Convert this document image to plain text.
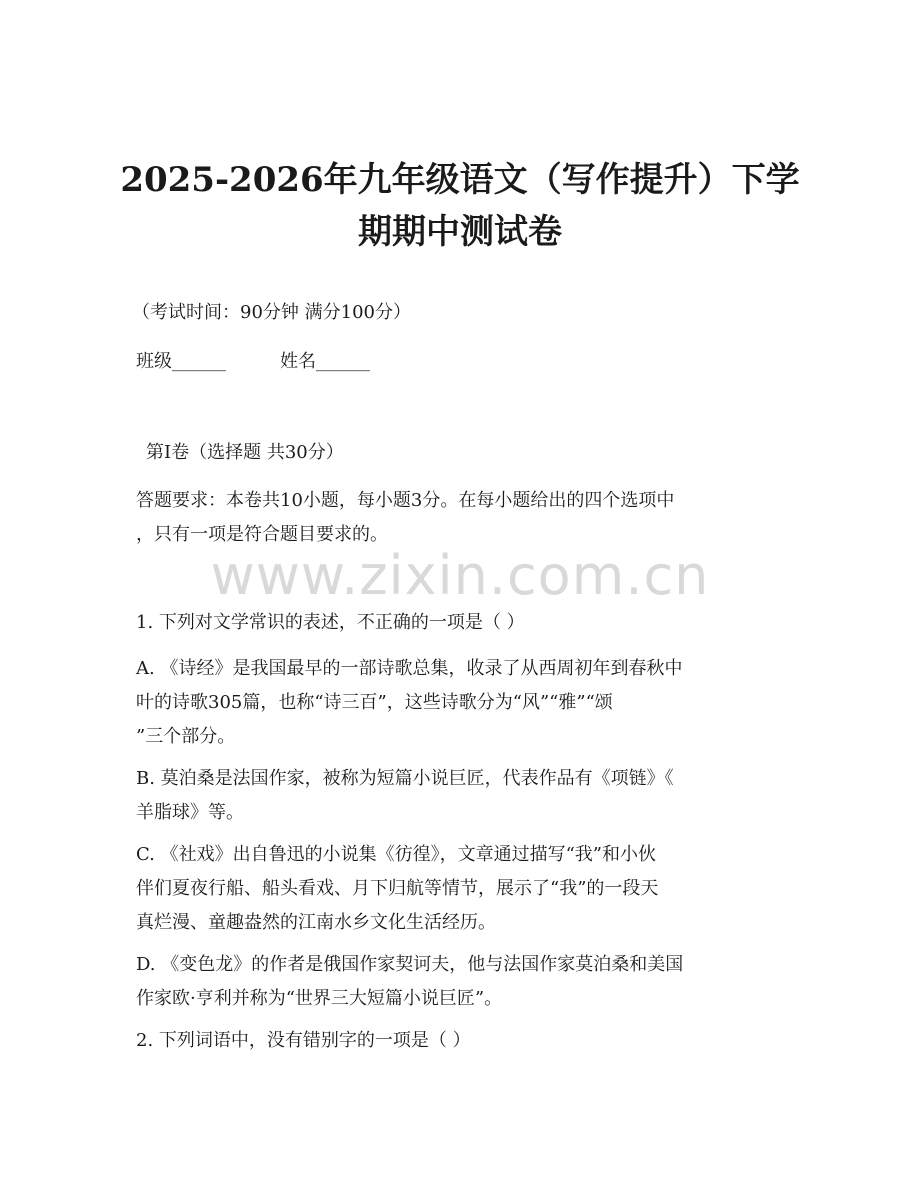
2025-2026年九年级语文（写作提升）下学
期期中测试卷
（考试时间：90分钟 满分100分）
班级______	姓名______
第I卷（选择题 共30分）
答题要求：本卷共10小题，每小题3分。在每小题给出的四个选项中
，只有一项是符合题目要求的。
www.zixin.com.cn
1. 下列对文学常识的表述，不正确的一项是（ ）
A. 《诗经》是我国最早的一部诗歌总集，收录了从西周初年到春秋中
叶的诗歌305篇，也称“诗三百”，这些诗歌分为“风”“雅”“颂
”三个部分。
B. 莫泊桑是法国作家，被称为短篇小说巨匠，代表作品有《项链》《
羊脂球》等。
C. 《社戏》出自鲁迅的小说集《彷徨》，文章通过描写“我”和小伙
伴们夏夜行船、船头看戏、月下归航等情节，展示了“我”的一段天
真烂漫、童趣盎然的江南水乡文化生活经历。
D. 《变色龙》的作者是俄国作家契诃夫，他与法国作家莫泊桑和美国
作家欧·亨利并称为“世界三大短篇小说巨匠”。
2. 下列词语中，没有错别字的一项是（ ）
